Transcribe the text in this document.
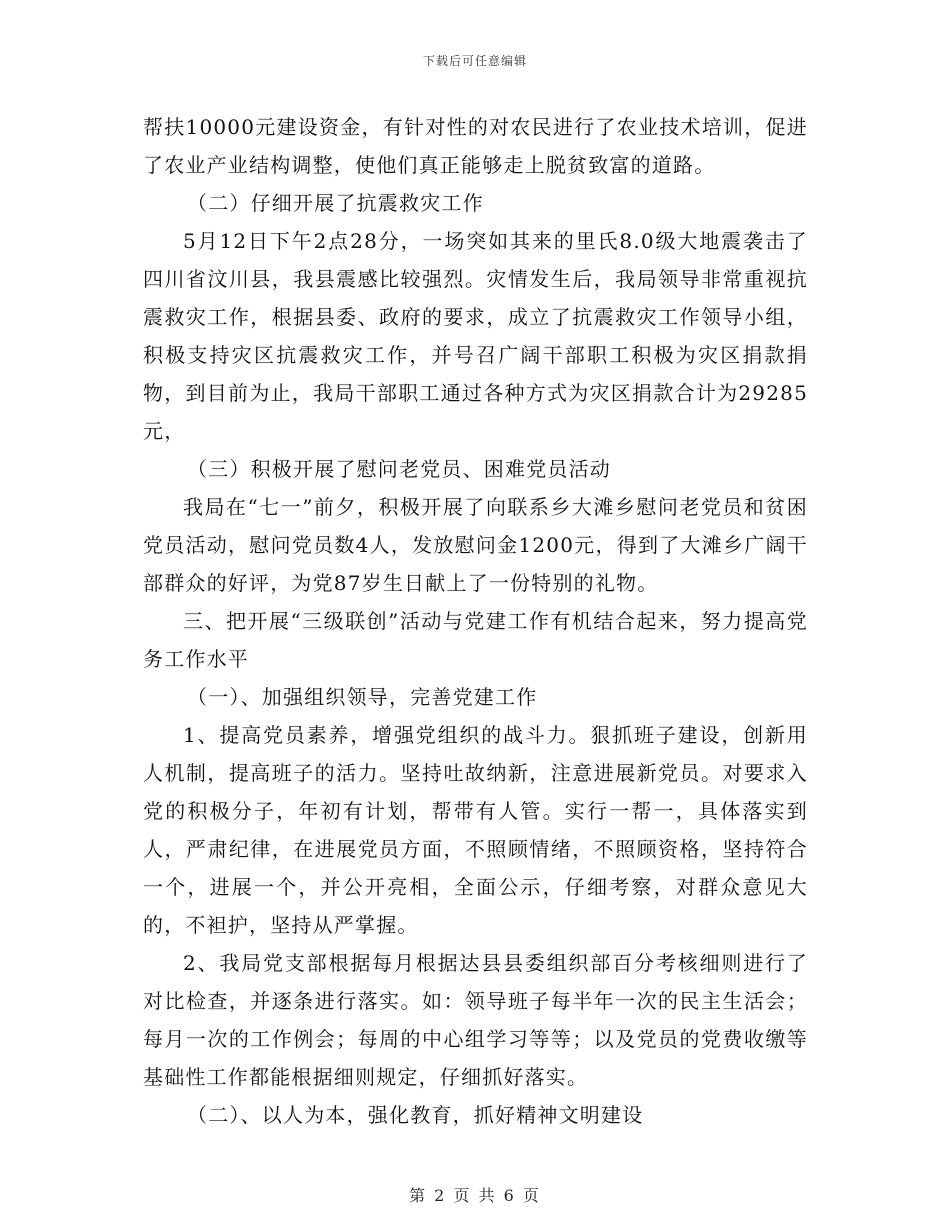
下载后可任意编辑

帮扶10000元建设资金，有针对性的对农民进行了农业技术培训，促进了农业产业结构调整，使他们真正能够走上脱贫致富的道路。

（二）仔细开展了抗震救灾工作

5月12日下午2点28分，一场突如其来的里氏8.0级大地震袭击了四川省汶川县，我县震感比较强烈。灾情发生后，我局领导非常重视抗震救灾工作，根据县委、政府的要求，成立了抗震救灾工作领导小组，积极支持灾区抗震救灾工作，并号召广阔干部职工积极为灾区捐款捐物，到目前为止，我局干部职工通过各种方式为灾区捐款合计为29285元，

（三）积极开展了慰问老党员、困难党员活动

我局在“七一”前夕，积极开展了向联系乡大滩乡慰问老党员和贫困党员活动，慰问党员数4人，发放慰问金1200元，得到了大滩乡广阔干部群众的好评，为党87岁生日献上了一份特别的礼物。

三、把开展“三级联创”活动与党建工作有机结合起来，努力提高党务工作水平

（一）、加强组织领导，完善党建工作

1、提高党员素养，增强党组织的战斗力。狠抓班子建设，创新用人机制，提高班子的活力。坚持吐故纳新，注意进展新党员。对要求入党的积极分子，年初有计划，帮带有人管。实行一帮一，具体落实到人，严肃纪律，在进展党员方面，不照顾情绪，不照顾资格，坚持符合一个，进展一个，并公开亮相，全面公示，仔细考察，对群众意见大的，不袒护，坚持从严掌握。

2、我局党支部根据每月根据达县县委组织部百分考核细则进行了对比检查，并逐条进行落实。如：领导班子每半年一次的民主生活会；每月一次的工作例会；每周的中心组学习等等；以及党员的党费收缴等基础性工作都能根据细则规定，仔细抓好落实。

（二）、以人为本，强化教育，抓好精神文明建设

第 2 页 共 6 页
